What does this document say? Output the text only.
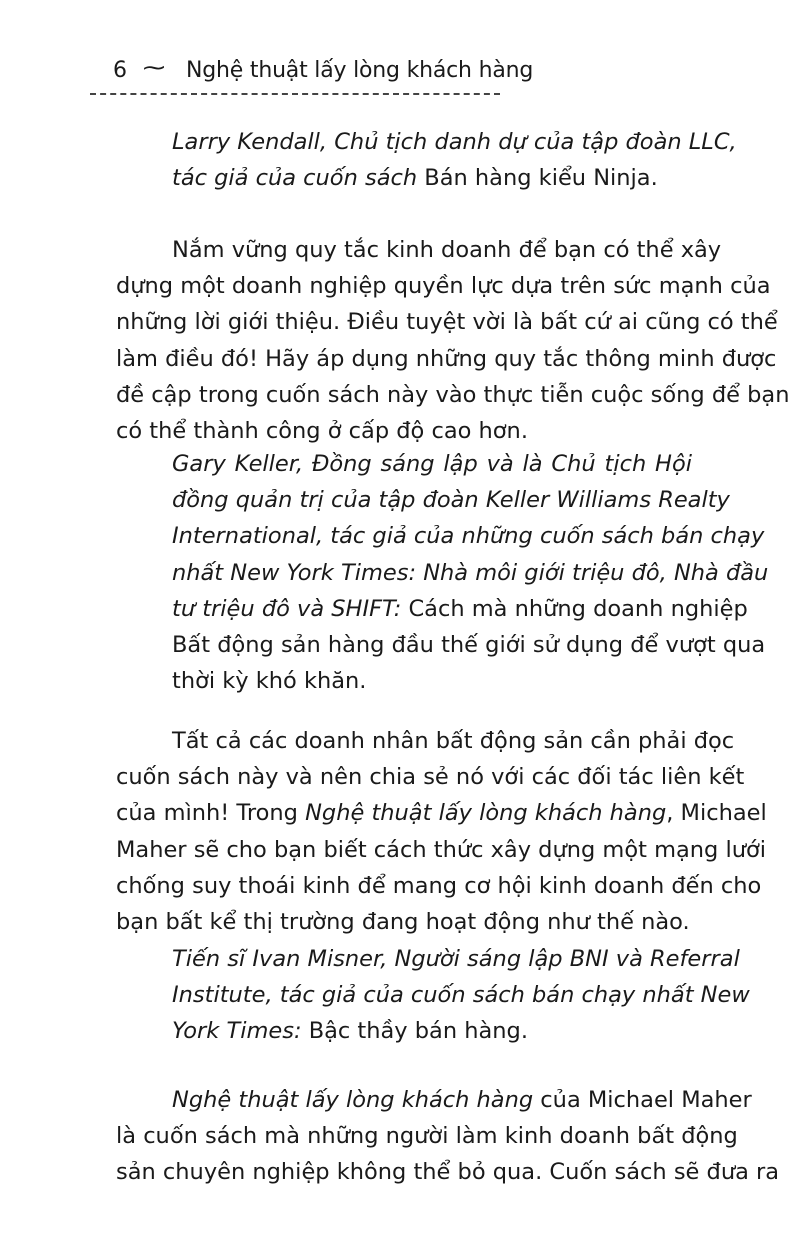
6 ⁓ Nghệ thuật lấy lòng khách hàng
Larry Kendall, Chủ tịch danh dự của tập đoàn LLC,
tác giả của cuốn sách Bán hàng kiểu Ninja.
Nắm vững quy tắc kinh doanh để bạn có thể xây
dựng một doanh nghiệp quyền lực dựa trên sức mạnh của
những lời giới thiệu. Điều tuyệt vời là bất cứ ai cũng có thể
làm điều đó! Hãy áp dụng những quy tắc thông minh được
đề cập trong cuốn sách này vào thực tiễn cuộc sống để bạn
có thể thành công ở cấp độ cao hơn.
Gary Keller, Đồng sáng lập và là Chủ tịch Hội
đồng quản trị của tập đoàn Keller Williams Realty
International, tác giả của những cuốn sách bán chạy
nhất New York Times: Nhà môi giới triệu đô, Nhà đầu
tư triệu đô và SHIFT: Cách mà những doanh nghiệp
Bất động sản hàng đầu thế giới sử dụng để vượt qua
thời kỳ khó khăn.
Tất cả các doanh nhân bất động sản cần phải đọc
cuốn sách này và nên chia sẻ nó với các đối tác liên kết
của mình! Trong Nghệ thuật lấy lòng khách hàng, Michael
Maher sẽ cho bạn biết cách thức xây dựng một mạng lưới
chống suy thoái kinh để mang cơ hội kinh doanh đến cho
bạn bất kể thị trường đang hoạt động như thế nào.
Tiến sĩ Ivan Misner, Người sáng lập BNI và Referral
Institute, tác giả của cuốn sách bán chạy nhất New
York Times: Bậc thầy bán hàng.
Nghệ thuật lấy lòng khách hàng của Michael Maher
là cuốn sách mà những người làm kinh doanh bất động
sản chuyên nghiệp không thể bỏ qua. Cuốn sách sẽ đưa ra
